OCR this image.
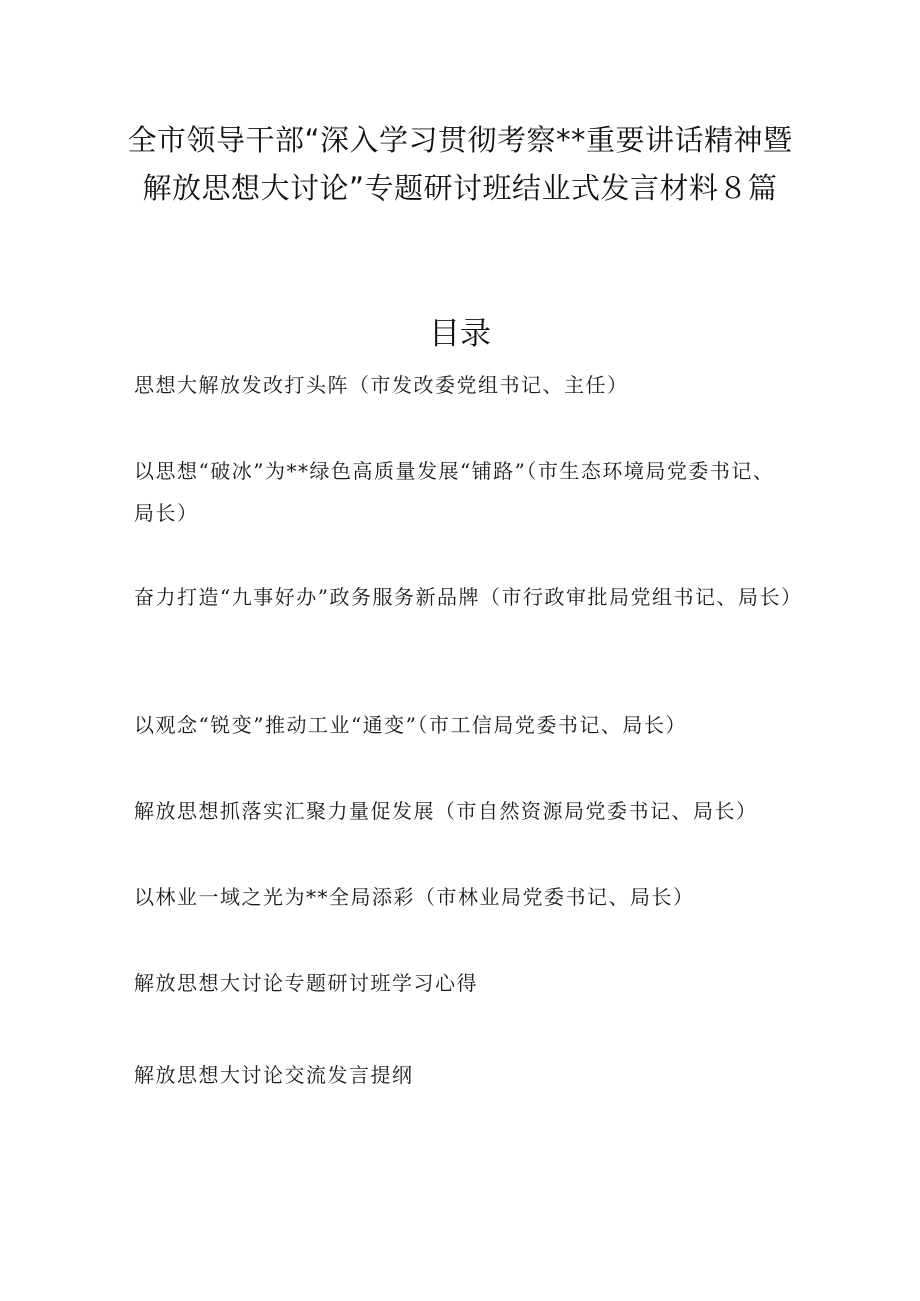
全市领导干部“深入学习贯彻考察**重要讲话精神暨
解放思想大讨论”专题研讨班结业式发言材料８篇
目录
思想大解放发改打头阵（市发改委党组书记、主任）
以思想“破冰”为**绿色高质量发展“铺路”（市生态环境局党委书记、局长）
奋力打造“九事好办”政务服务新品牌（市行政审批局党组书记、局长）
以观念“锐变”推动工业“通变”（市工信局党委书记、局长）
解放思想抓落实汇聚力量促发展（市自然资源局党委书记、局长）
以林业一域之光为**全局添彩（市林业局党委书记、局长）
解放思想大讨论专题研讨班学习心得
解放思想大讨论交流发言提纲
